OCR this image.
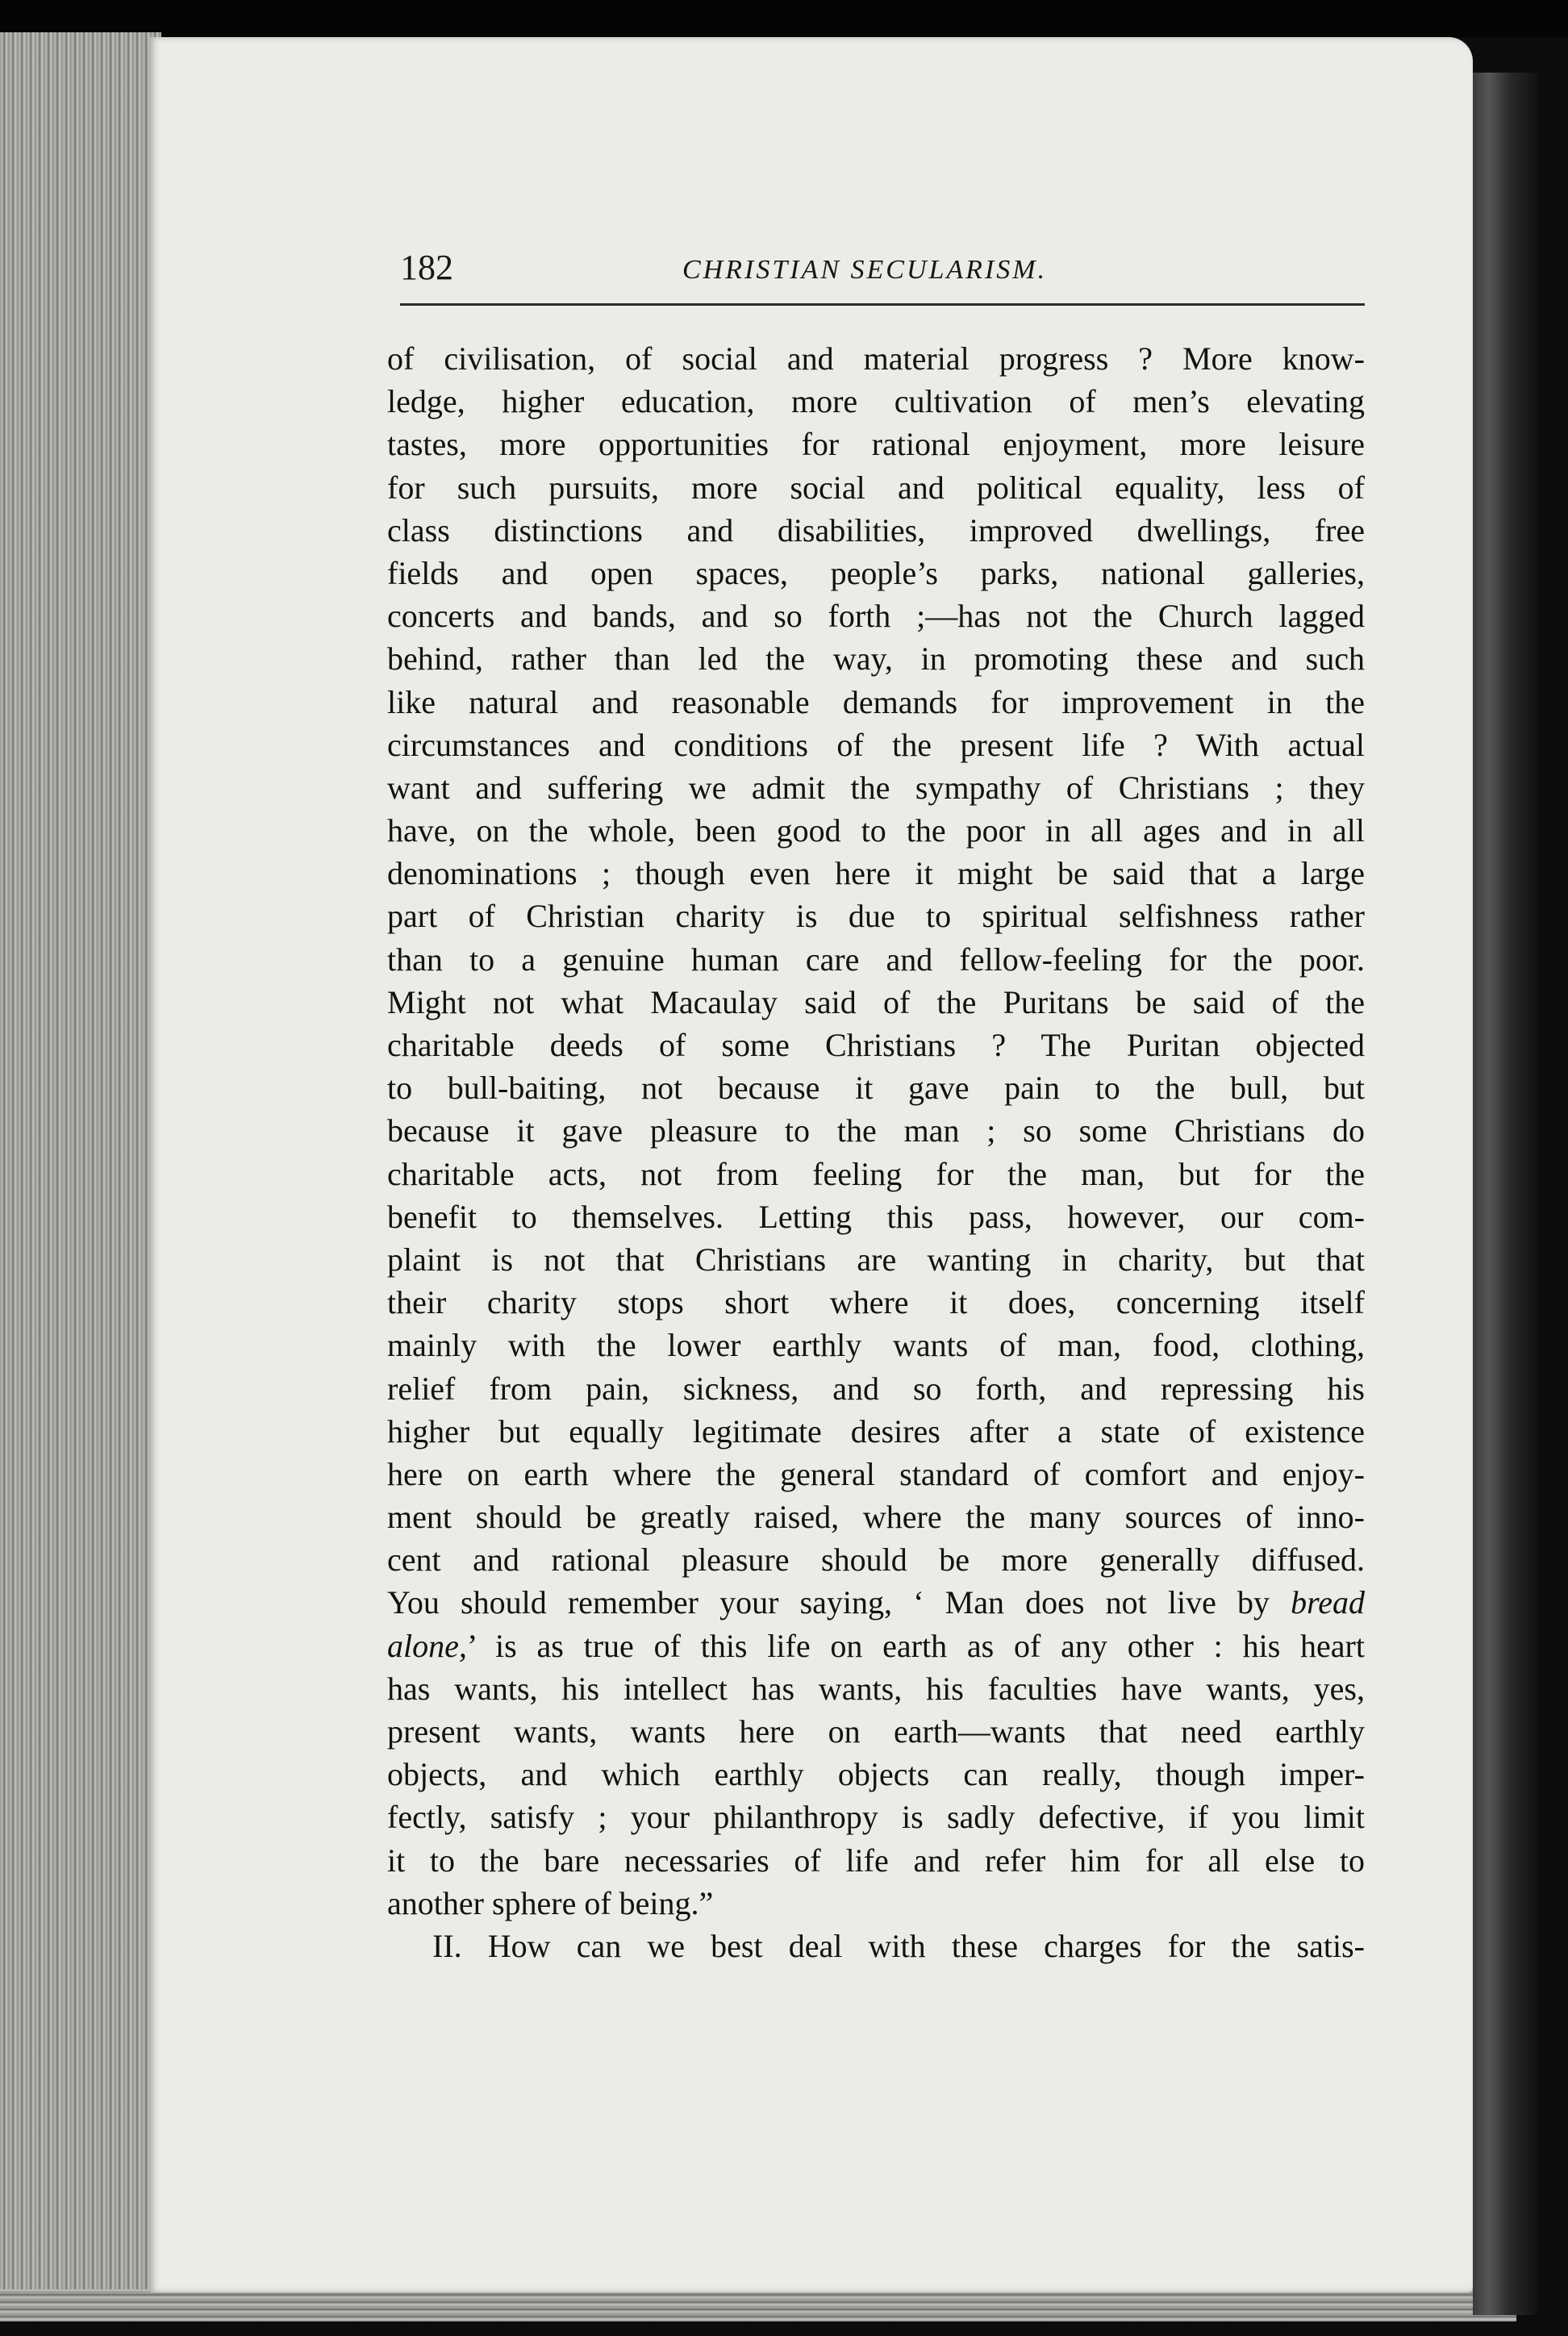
182	CHRISTIAN SECULARISM.
of civilisation, of social and material progress ? More know-
ledge, higher education, more cultivation of men’s elevating
tastes, more opportunities for rational enjoyment, more leisure
for such pursuits, more social and political equality, less of
class distinctions and disabilities, improved dwellings, free
fields and open spaces, people’s parks, national galleries,
concerts and bands, and so forth ;—has not the Church lagged
behind, rather than led the way, in promoting these and such
like natural and reasonable demands for improvement in the
circumstances and conditions of the present life ? With actual
want and suffering we admit the sympathy of Christians ; they
have, on the whole, been good to the poor in all ages and in all
denominations ; though even here it might be said that a large
part of Christian charity is due to spiritual selfishness rather
than to a genuine human care and fellow-feeling for the poor.
Might not what Macaulay said of the Puritans be said of the
charitable deeds of some Christians ? The Puritan objected
to bull-baiting, not because it gave pain to the bull, but
because it gave pleasure to the man ; so some Christians do
charitable acts, not from feeling for the man, but for the
benefit to themselves. Letting this pass, however, our com-
plaint is not that Christians are wanting in charity, but that
their charity stops short where it does, concerning itself
mainly with the lower earthly wants of man, food, clothing,
relief from pain, sickness, and so forth, and repressing his
higher but equally legitimate desires after a state of existence
here on earth where the general standard of comfort and enjoy-
ment should be greatly raised, where the many sources of inno-
cent and rational pleasure should be more generally diffused.
You should remember your saying, ‘ Man does not live by bread
alone,’ is as true of this life on earth as of any other : his heart
has wants, his intellect has wants, his faculties have wants, yes,
present wants, wants here on earth—wants that need earthly
objects, and which earthly objects can really, though imper-
fectly, satisfy ; your philanthropy is sadly defective, if you limit
it to the bare necessaries of life and refer him for all else to
another sphere of being.”
II. How can we best deal with these charges for the satis-
